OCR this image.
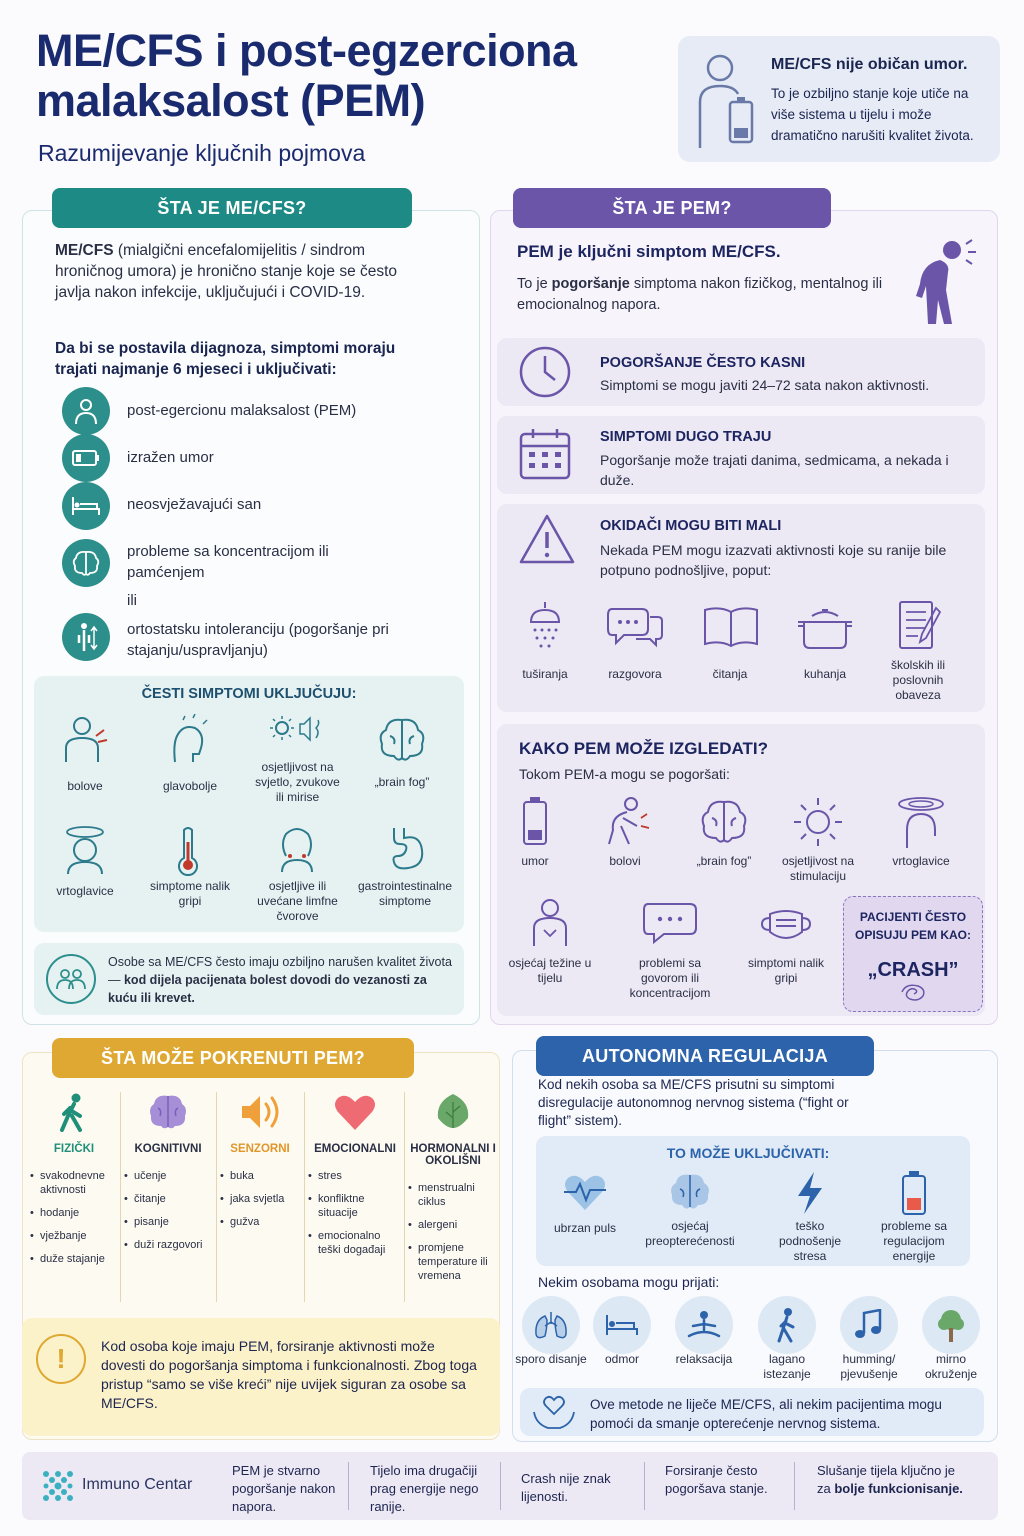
ME/CFS i post-egzerciona malaksalost (PEM)
Razumijevanje ključnih pojmova
ME/CFS nije običan umor.
To je ozbiljno stanje koje utiče na više sistema u tijelu i može dramatično narušiti kvalitet života.
ŠTA JE ME/CFS?
ME/CFS (mialgični encefalomijelitis / sindrom hroničnog umora) je hronično stanje koje se često javlja nakon infekcije, uključujući i COVID-19.
Da bi se postavila dijagnoza, simptomi moraju trajati najmanje 6 mjeseci i uključivati:
post-egercionu malaksalost (PEM)
izražen umor
neosvježavajući san
probleme sa koncentracijom ili pamćenjem
ili
ortostatsku intoleranciju (pogoršanje pri stajanju/uspravljanju)
ČESTI SIMPTOMI UKLJUČUJU:
bolove	glavobolje
osjetljivost na svjetlo, zvukove ili mirise
„brain fog”
vrtoglavice	simptome nalik gripi
osjetljive ili uvećane limfne čvorove
gastrointestinalne simptome
Osobe sa ME/CFS često imaju ozbiljno narušen kvalitet života — kod dijela pacijenata bolest dovodi do vezanosti za kuću ili krevet.
ŠTA JE PEM?
PEM je ključni simptom ME/CFS.
To je pogoršanje simptoma nakon fizičkog, mentalnog ili emocionalnog napora.
POGORŠANJE ČESTO KASNI
Simptomi se mogu javiti 24–72 sata nakon aktivnosti.
SIMPTOMI DUGO TRAJU
Pogoršanje može trajati danima, sedmicama, a nekada i duže.
OKIDAČI MOGU BITI MALI
Nekada PEM mogu izazvati aktivnosti koje su ranije bile potpuno podnošljive, poput:
tuširanja	razgovora	čitanja	kuhanja
školskih ili poslovnih obaveza
KAKO PEM MOŽE IZGLEDATI?
Tokom PEM-a mogu se pogoršati:
umor	bolovi	„brain fog”	osjetljivost na stimulaciju
vrtoglavice
osjećaj težine u tijelu
problemi sa govorom ili koncentracijom
simptomi nalik gripi
PACIJENTI ČESTO OPISUJU PEM KAO:
„CRASH”
ŠTA MOŽE POKRENUTI PEM?
FIZIČKI
• svakodnevne aktivnosti
• hodanje
• vježbanje
• duže stajanje
KOGNITIVNI
• učenje
• čitanje
• pisanje
• duži razgovori
SENZORNI
• buka
• jaka svjetla
• gužva
EMOCIONALNI
• stres
• konfliktne situacije
• emocionalno teški događaji
HORMONALNI I OKOLIŠNI
• menstrualni ciklus
• alergeni
• promjene temperature ili vremena
!	Kod osoba koje imaju PEM, forsiranje aktivnosti može dovesti do pogoršanja simptoma i funkcionalnosti. Zbog toga pristup “samo se više kreći” nije uvijek siguran za osobe sa ME/CFS.
AUTONOMNA REGULACIJA
Kod nekih osoba sa ME/CFS prisutni su simptomi disregulacije autonomnog nervnog sistema (“fight or flight” sistem).
TO MOŽE UKLJUČIVATI:
ubrzan puls	osjećaj preopterećenosti
teško podnošenje stresa
probleme sa regulacijom energije
Nekim osobama mogu prijati:
sporo disanje	odmor	relaksacija	lagano istezanje
humming/ pjevušenje
mirno okruženje
Ove metode ne liječe ME/CFS, ali nekim pacijentima mogu pomoći da smanje opterećenje nervnog sistema.
Immuno Centar
PEM je stvarno pogoršanje nakon napora.
Tijelo ima drugačiji prag energije nego ranije.
Crash nije znak lijenosti.
Forsiranje često pogoršava stanje.
Slušanje tijela ključno je za bolje funkcionisanje.
